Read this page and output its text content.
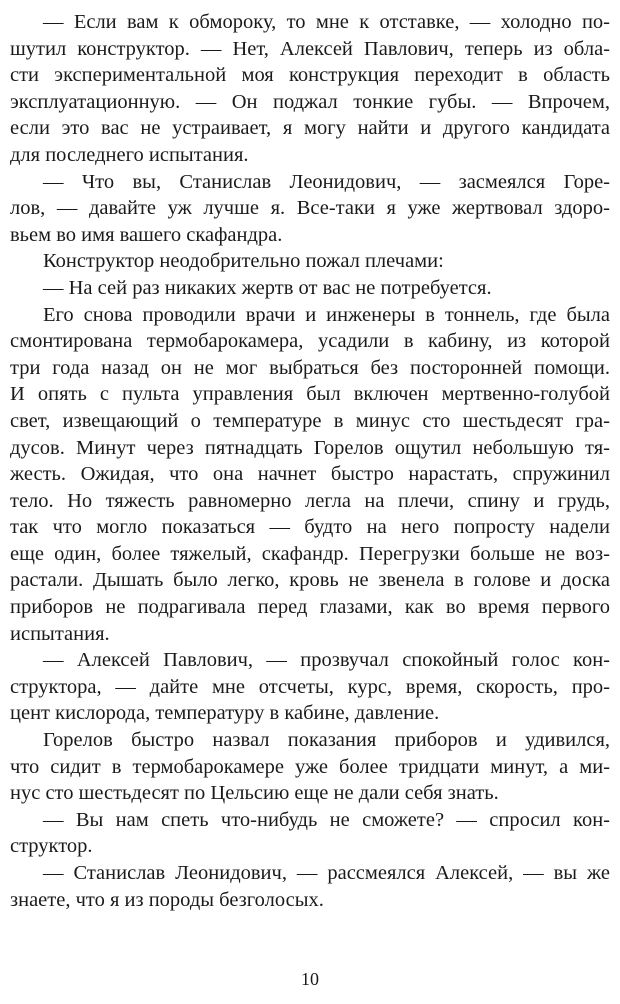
— Если вам к обмороку, то мне к отставке, — холодно по-
шутил конструктор. — Нет, Алексей Павлович, теперь из обла-
сти экспериментальной моя конструкция переходит в область
эксплуатационную. — Он поджал тонкие губы. — Впрочем,
если это вас не устраивает, я могу найти и другого кандидата
для последнего испытания.
— Что вы, Станислав Леонидович, — засмеялся Горе-
лов, — давайте уж лучше я. Все-таки я уже жертвовал здоро-
вьем во имя вашего скафандра.
Конструктор неодобрительно пожал плечами:
— На сей раз никаких жертв от вас не потребуется.
Его снова проводили врачи и инженеры в тоннель, где была
смонтирована термобарокамера, усадили в кабину, из которой
три года назад он не мог выбраться без посторонней помощи.
И опять с пульта управления был включен мертвенно-голубой
свет, извещающий о температуре в минус сто шестьдесят гра-
дусов. Минут через пятнадцать Горелов ощутил небольшую тя-
жесть. Ожидая, что она начнет быстро нарастать, спружинил
тело. Но тяжесть равномерно легла на плечи, спину и грудь,
так что могло показаться — будто на него попросту надели
еще один, более тяжелый, скафандр. Перегрузки больше не воз-
растали. Дышать было легко, кровь не звенела в голове и доска
приборов не подрагивала перед глазами, как во время первого
испытания.
— Алексей Павлович, — прозвучал спокойный голос кон-
структора, — дайте мне отсчеты, курс, время, скорость, про-
цент кислорода, температуру в кабине, давление.
Горелов быстро назвал показания приборов и удивился,
что сидит в термобарокамере уже более тридцати минут, а ми-
нус сто шестьдесят по Цельсию еще не дали себя знать.
— Вы нам спеть что-нибудь не сможете? — спросил кон-
структор.
— Станислав Леонидович, — рассмеялся Алексей, — вы же
знаете, что я из породы безголосых.
10
